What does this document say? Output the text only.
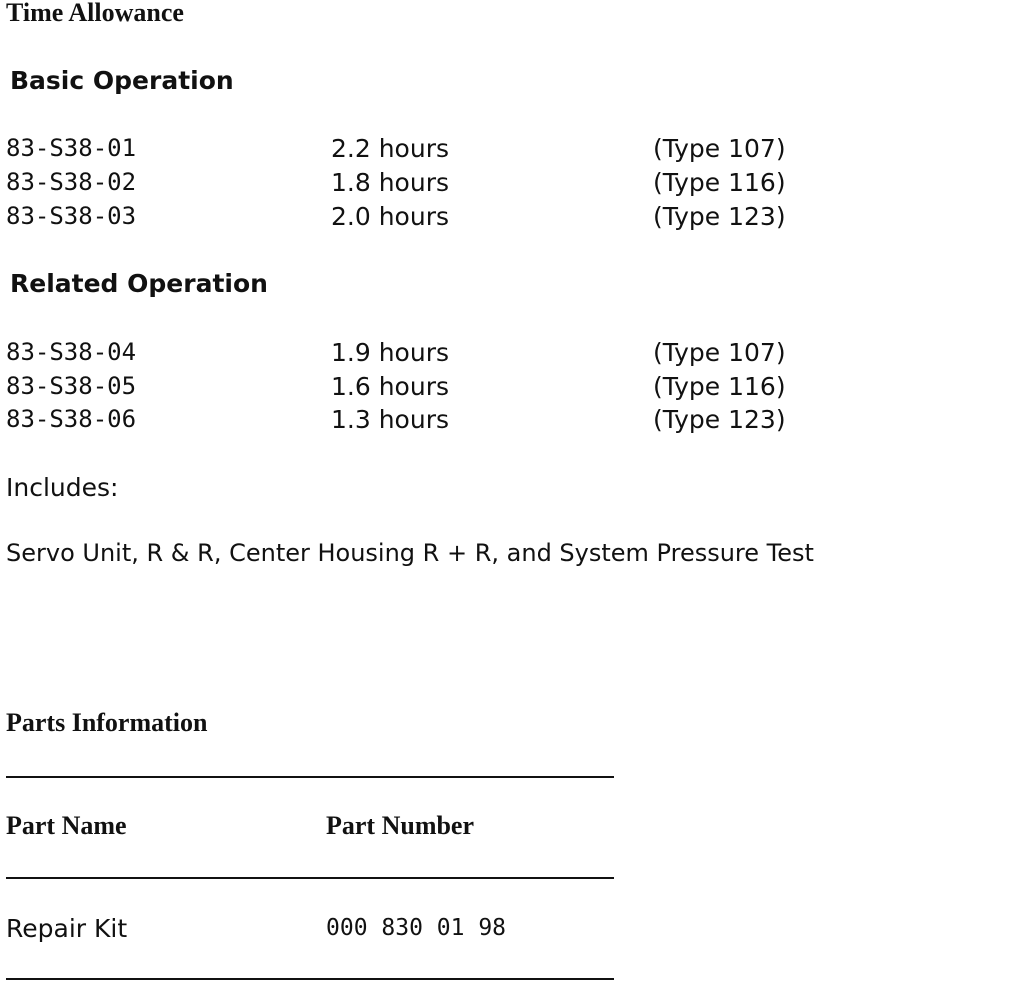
Time Allowance
Basic Operation
83-S38-01	2.2 hours	(Type 107)
83-S38-02	1.8 hours	(Type 116)
83-S38-03	2.0 hours	(Type 123)
Related Operation
83-S38-04	1.9 hours	(Type 107)
83-S38-05	1.6 hours	(Type 116)
83-S38-06	1.3 hours	(Type 123)

Includes:

Servo Unit, R & R, Center Housing R + R, and System Pressure Test

Parts Information
Part Name	Part Number
Repair Kit	000 830 01 98
